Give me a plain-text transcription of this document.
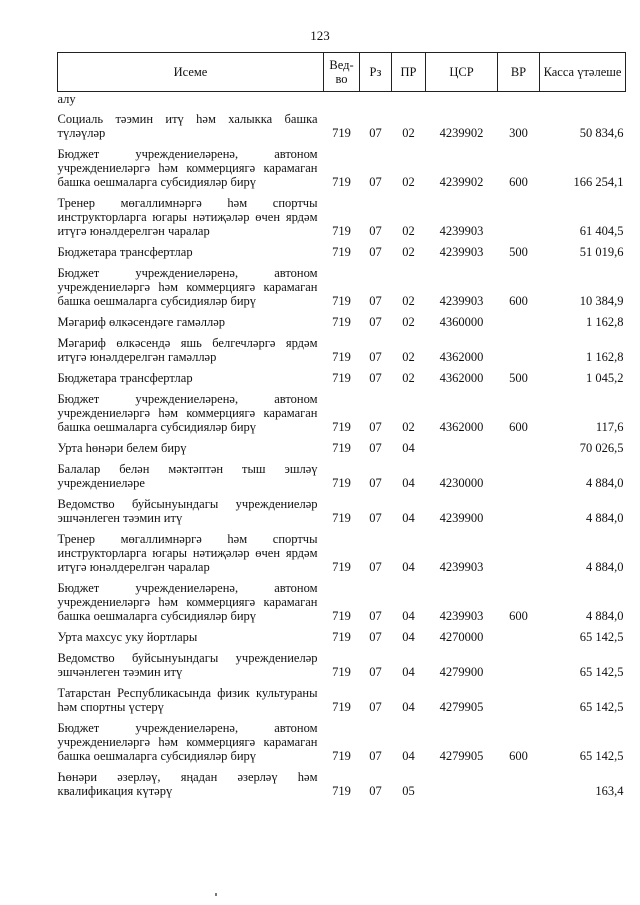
123
Исеме	Вед-во	Рз	ПР	ЦСР	ВР	Касса үтәлеше
алу						
Социаль тәэмин итү һәм халыкка башка түләүләр	719	07	02	4239902	300	50 834,6
Бюджет учреждениеләренә, автоном учреждениеләргә һәм коммерциягә карамаган башка оешмаларга субсидияләр бирү	719	07	02	4239902	600	166 254,1
Тренер мөгаллимнәргә һәм спортчы инструкторларга югары нәтиҗәләр өчен ярдәм итүгә юнәлдерелгән чаралар	719	07	02	4239903		61 404,5
Бюджетара трансфертлар	719	07	02	4239903	500	51 019,6
Бюджет учреждениеләренә, автоном учреждениеләргә һәм коммерциягә карамаган башка оешмаларга субсидияләр бирү	719	07	02	4239903	600	10 384,9
Мәгариф өлкәсендәге гамәлләр	719	07	02	4360000		1 162,8
Мәгариф өлкәсендә яшь белгечләргә ярдәм итүгә юнәлдерелгән гамәлләр	719	07	02	4362000		1 162,8
Бюджетара трансфертлар	719	07	02	4362000	500	1 045,2
Бюджет учреждениеләренә, автоном учреждениеләргә һәм коммерциягә карамаган башка оешмаларга субсидияләр бирү	719	07	02	4362000	600	117,6
Урта һөнәри белем бирү	719	07	04			70 026,5
Балалар белән мәктәптән тыш эшләү учреждениеләре	719	07	04	4230000		4 884,0
Ведомство буйсынуындагы учреждениеләр эшчәнлеген тәэмин итү	719	07	04	4239900		4 884,0
Тренер мөгаллимнәргә һәм спортчы инструкторларга югары нәтиҗәләр өчен ярдәм итүгә юнәлдерелгән чаралар	719	07	04	4239903		4 884,0
Бюджет учреждениеләренә, автоном учреждениеләргә һәм коммерциягә карамаган башка оешмаларга субсидияләр бирү	719	07	04	4239903	600	4 884,0
Урта махсус уку йортлары	719	07	04	4270000		65 142,5
Ведомство буйсынуындагы учреждениеләр эшчәнлеген тәэмин итү	719	07	04	4279900		65 142,5
Татарстан Республикасында физик культураны һәм спортны үстерү	719	07	04	4279905		65 142,5
Бюджет учреждениеләренә, автоном учреждениеләргә һәм коммерциягә карамаган башка оешмаларга субсидияләр бирү	719	07	04	4279905	600	65 142,5
Һөнәри әзерләү, яңадан әзерләү һәм квалификация күтәрү	719	07	05			163,4
